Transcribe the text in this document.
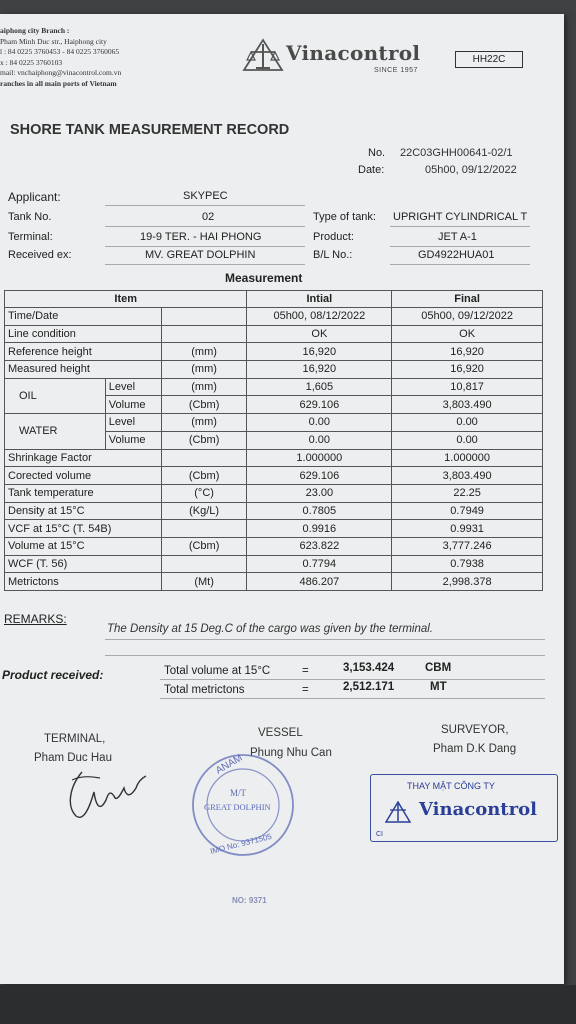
aiphong city Branch :
Pham Minh Duc str., Haiphong city
l : 84 0225 3760453 - 84 0225 3760065
x : 84 0225 3760103
mail: vnchaiphong@vinacontrol.com.vn
ranches in all main ports of Vietnam
Vinacontrol
SINCE 1957
HH22C
SHORE TANK MEASUREMENT RECORD
No. 22C03GHH00641-02/1
Date:	05h00, 09/12/2022
Applicant:	SKYPEC
Tank No.	02
Terminal:	19-9 TER. - HAI PHONG
Received ex:	MV. GREAT DOLPHIN
Type of tank: UPRIGHT CYLINDRICAL T
Product:	JET A-1
B/L No.:	GD4922HUA01
Measurement
Item			Intial	Final
Time/Date			05h00, 08/12/2022	05h00, 09/12/2022
Line condition			OK	OK
Reference height		(mm)	16,920	16,920
Measured height		(mm)	16,920	16,920
OIL	Level	(mm)	1,605	10,817
	Volume	(Cbm)	629.106	3,803.490
WATER	Level	(mm)	0.00	0.00
	Volume	(Cbm)	0.00	0.00
Shrinkage Factor			1.000000	1.000000
Corected volume		(Cbm)	629.106	3,803.490
Tank temperature		(°C)	23.00	22.25
Density at 15°C		(Kg/L)	0.7805	0.7949
VCF at 15°C (T. 54B)			0.9916	0.9931
Volume at 15°C		(Cbm)	623.822	3,777.246
WCF (T. 56)			0.7794	0.7938
Metrictons		(Mt)	486.207	2,998.378
REMARKS:
The Density at 15 Deg.C of the cargo was given by the terminal.
Product received:	Total volume at 15°C	=	3,153.424	CBM
Total metrictons	=	2,512.171	MT
TERMINAL,
Pham Duc Hau
VESSEL
Phung Nhu Can
SURVEYOR,
Pham D.K Dang
ANAM
M/T
GREAT DOLPHIN
IMO No: 9371505
THAY MẶT CÔNG TY
Vinacontrol
CI
NO: 9371
